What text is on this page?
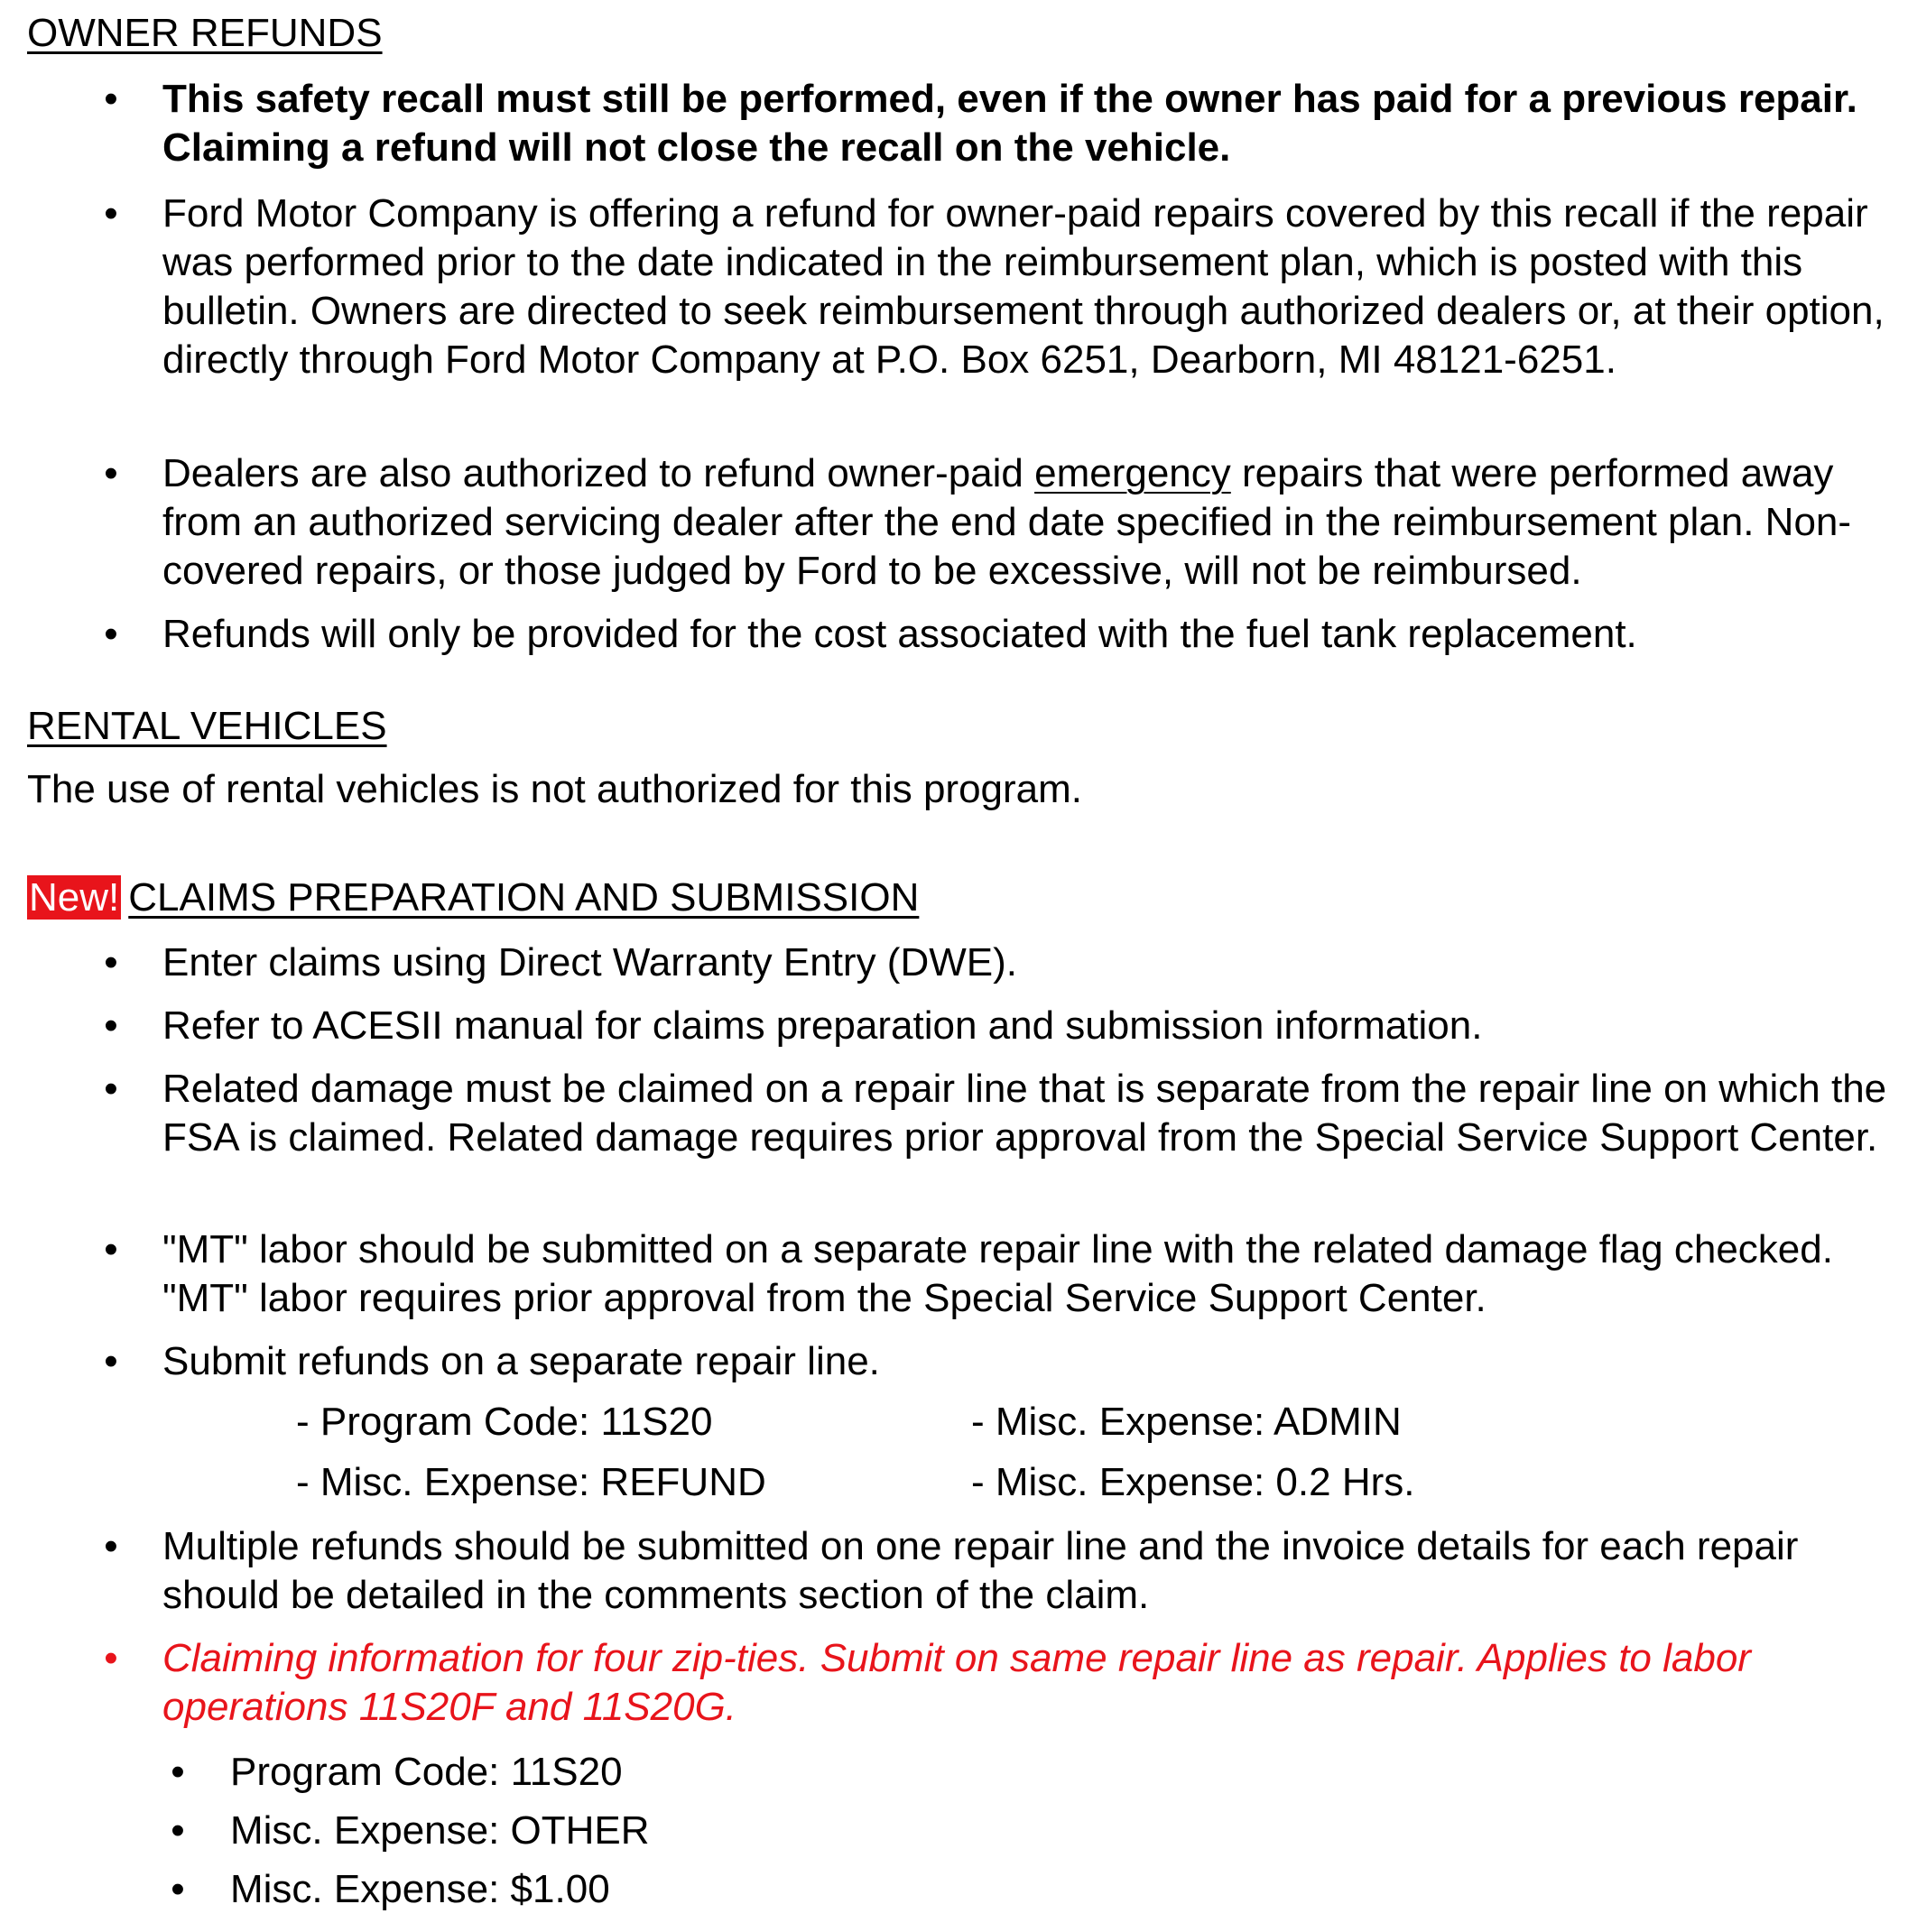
OWNER REFUNDS
• This safety recall must still be performed, even if the owner has paid for a previous repair. Claiming a refund will not close the recall on the vehicle.

• Ford Motor Company is offering a refund for owner-paid repairs covered by this recall if the repair was performed prior to the date indicated in the reimbursement plan, which is posted with this bulletin. Owners are directed to seek reimbursement through authorized dealers or, at their option, directly through Ford Motor Company at P.O. Box 6251, Dearborn, MI 48121-6251.

• Dealers are also authorized to refund owner-paid emergency repairs that were performed away from an authorized servicing dealer after the end date specified in the reimbursement plan. Non-covered repairs, or those judged by Ford to be excessive, will not be reimbursed.

• Refunds will only be provided for the cost associated with the fuel tank replacement.

RENTAL VEHICLES

The use of rental vehicles is not authorized for this program.

New! CLAIMS PREPARATION AND SUBMISSION
• Enter claims using Direct Warranty Entry (DWE).

• Refer to ACESII manual for claims preparation and submission information.

• Related damage must be claimed on a repair line that is separate from the repair line on which the FSA is claimed. Related damage requires prior approval from the Special Service Support Center.

• "MT" labor should be submitted on a separate repair line with the related damage flag checked. "MT" labor requires prior approval from the Special Service Support Center.

• Submit refunds on a separate repair line.

- Program Code: 11S20	- Misc. Expense: ADMIN
- Misc. Expense: REFUND	- Misc. Expense: 0.2 Hrs.
• Multiple refunds should be submitted on one repair line and the invoice details for each repair should be detailed in the comments section of the claim.

• Claiming information for four zip-ties. Submit on same repair line as repair. Applies to labor operations 11S20F and 11S20G.

• Program Code: 11S20

• Misc. Expense: OTHER

• Misc. Expense: $1.00
